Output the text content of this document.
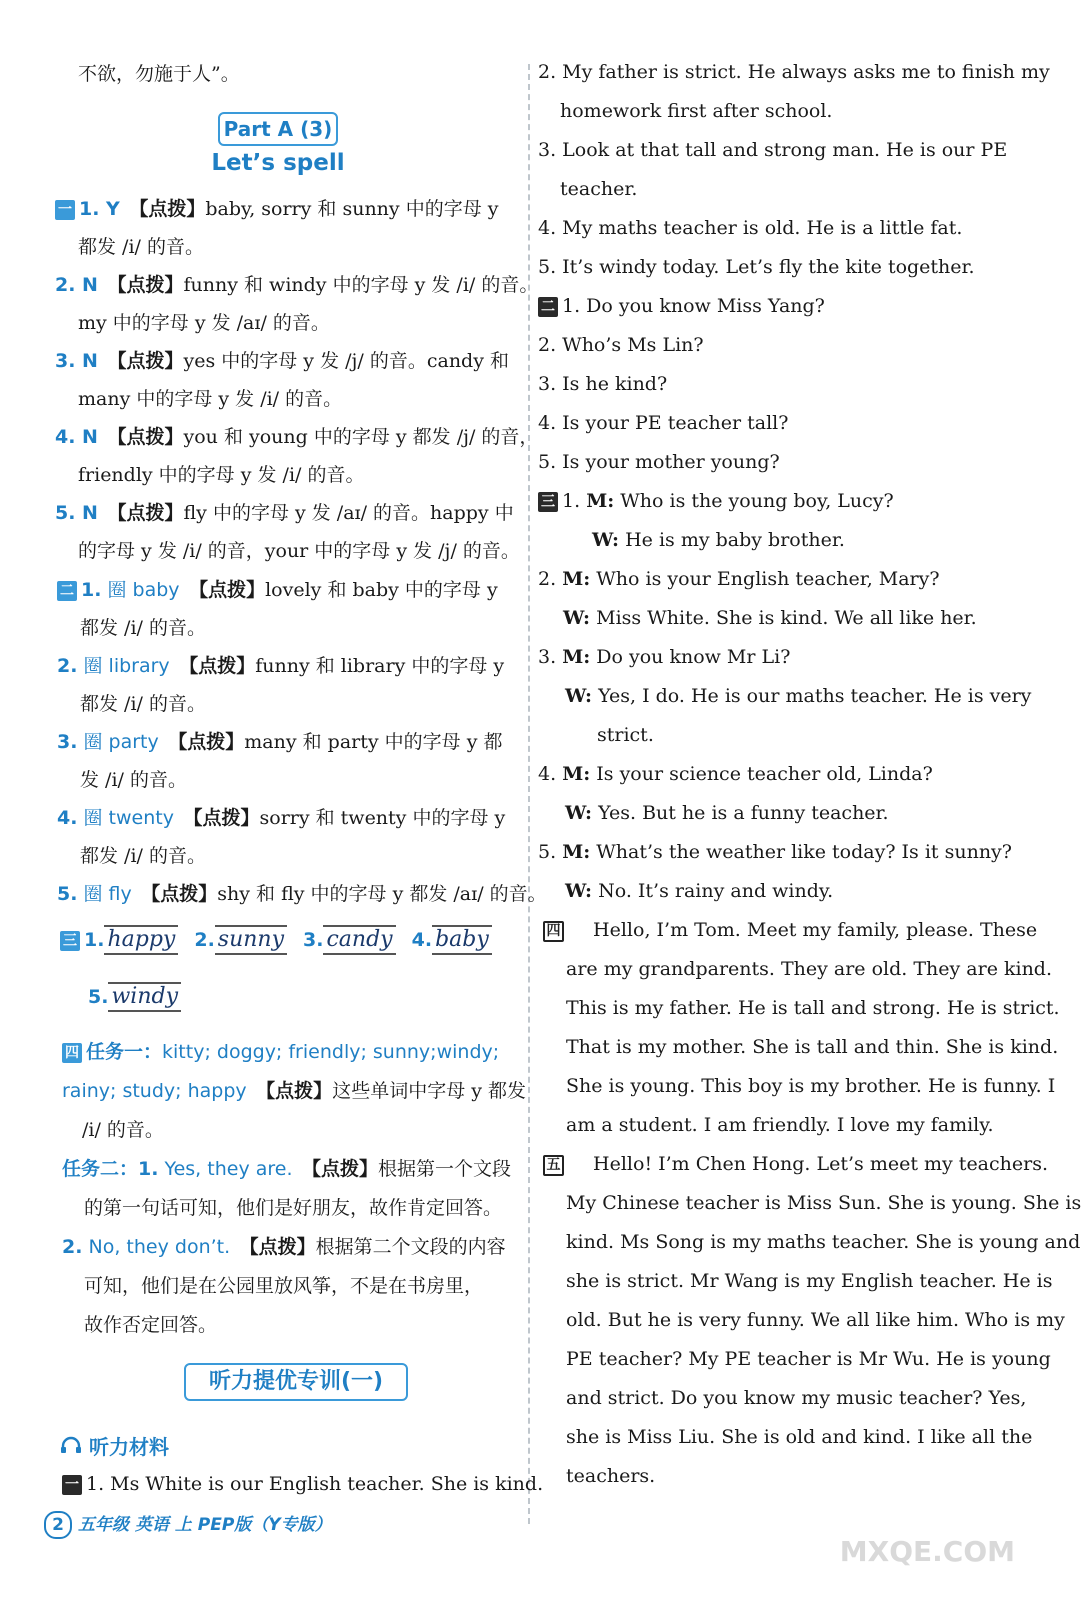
不欲，勿施于人”。
Part A (3)
Let’s spell
一 1. Y　 【点拨】baby, sorry 和 sunny 中的字母 y
都发 /i/ 的音。
2. N　 【点拨】funny 和 windy 中的字母 y 发 /i/ 的音。
my 中的字母 y 发 /aɪ/ 的音。
3. N　 【点拨】yes 中的字母 y 发 /j/ 的音。candy 和
many 中的字母 y 发 /i/ 的音。
4. N　 【点拨】you 和 young 中的字母 y 都发 /j/ 的音，
friendly 中的字母 y 发 /i/ 的音。
5. N　 【点拨】fly 中的字母 y 发 /aɪ/ 的音。happy 中
的字母 y 发 /i/ 的音，your 中的字母 y 发 /j/ 的音。
二 1. 圈 baby　 【点拨】lovely 和 baby 中的字母 y
都发 /i/ 的音。
2. 圈 library　 【点拨】funny 和 library 中的字母 y
都发 /i/ 的音。
3. 圈 party　 【点拨】many 和 party 中的字母 y 都
发 /i/ 的音。
4. 圈 twenty　 【点拨】sorry 和 twenty 中的字母 y
都发 /i/ 的音。
5. 圈 fly　 【点拨】shy 和 fly 中的字母 y 都发 /aɪ/ 的音。
三 1. happy 2. sunny 3. candy 4. baby
5. windy
四 任务一：kitty; doggy; friendly; sunny;windy;
rainy; study; happy　 【点拨】这些单词中字母 y 都发
/i/ 的音。
任务二：1. Yes, they are.　 【点拨】根据第一个文段
的第一句话可知，他们是好朋友，故作肯定回答。
2. No, they don’t.　 【点拨】根据第二个文段的内容
可知，他们是在公园里放风筝，不是在书房里，
故作否定回答。
听力提优专训(一)
听力材料
一 1. Ms White is our English teacher. She is kind.
2 五年级 英语 上 PEP版（Y专版）
2. My father is strict. He always asks me to finish my
homework first after school.
3. Look at that tall and strong man. He is our PE
teacher.
4. My maths teacher is old. He is a little fat.
5. It’s windy today. Let’s fly the kite together.
二 1. Do you know Miss Yang?
2. Who’s Ms Lin?
3. Is he kind?
4. Is your PE teacher tall?
5. Is your mother young?
三 1. M: Who is the young boy, Lucy?
W: He is my baby brother.
2. M: Who is your English teacher, Mary?
W: Miss White. She is kind. We all like her.
3. M: Do you know Mr Li?
W: Yes, I do. He is our maths teacher. He is very
strict.
4. M: Is your science teacher old, Linda?
W: Yes. But he is a funny teacher.
5. M: What’s the weather like today? Is it sunny?
W: No. It’s rainy and windy.
四　 Hello, I’m Tom. Meet my family, please. These
are my grandparents. They are old. They are kind.
This is my father. He is tall and strong. He is strict.
That is my mother. She is tall and thin. She is kind.
She is young. This boy is my brother. He is funny. I
am a student. I am friendly. I love my family.
五　 Hello! I’m Chen Hong. Let’s meet my teachers.
My Chinese teacher is Miss Sun. She is young. She is
kind. Ms Song is my maths teacher. She is young and
she is strict. Mr Wang is my English teacher. He is
old. But he is very funny. We all like him. Who is my
PE teacher? My PE teacher is Mr Wu. He is young
and strict. Do you know my music teacher? Yes,
she is Miss Liu. She is old and kind. I like all the
teachers.
MXQE.COM
